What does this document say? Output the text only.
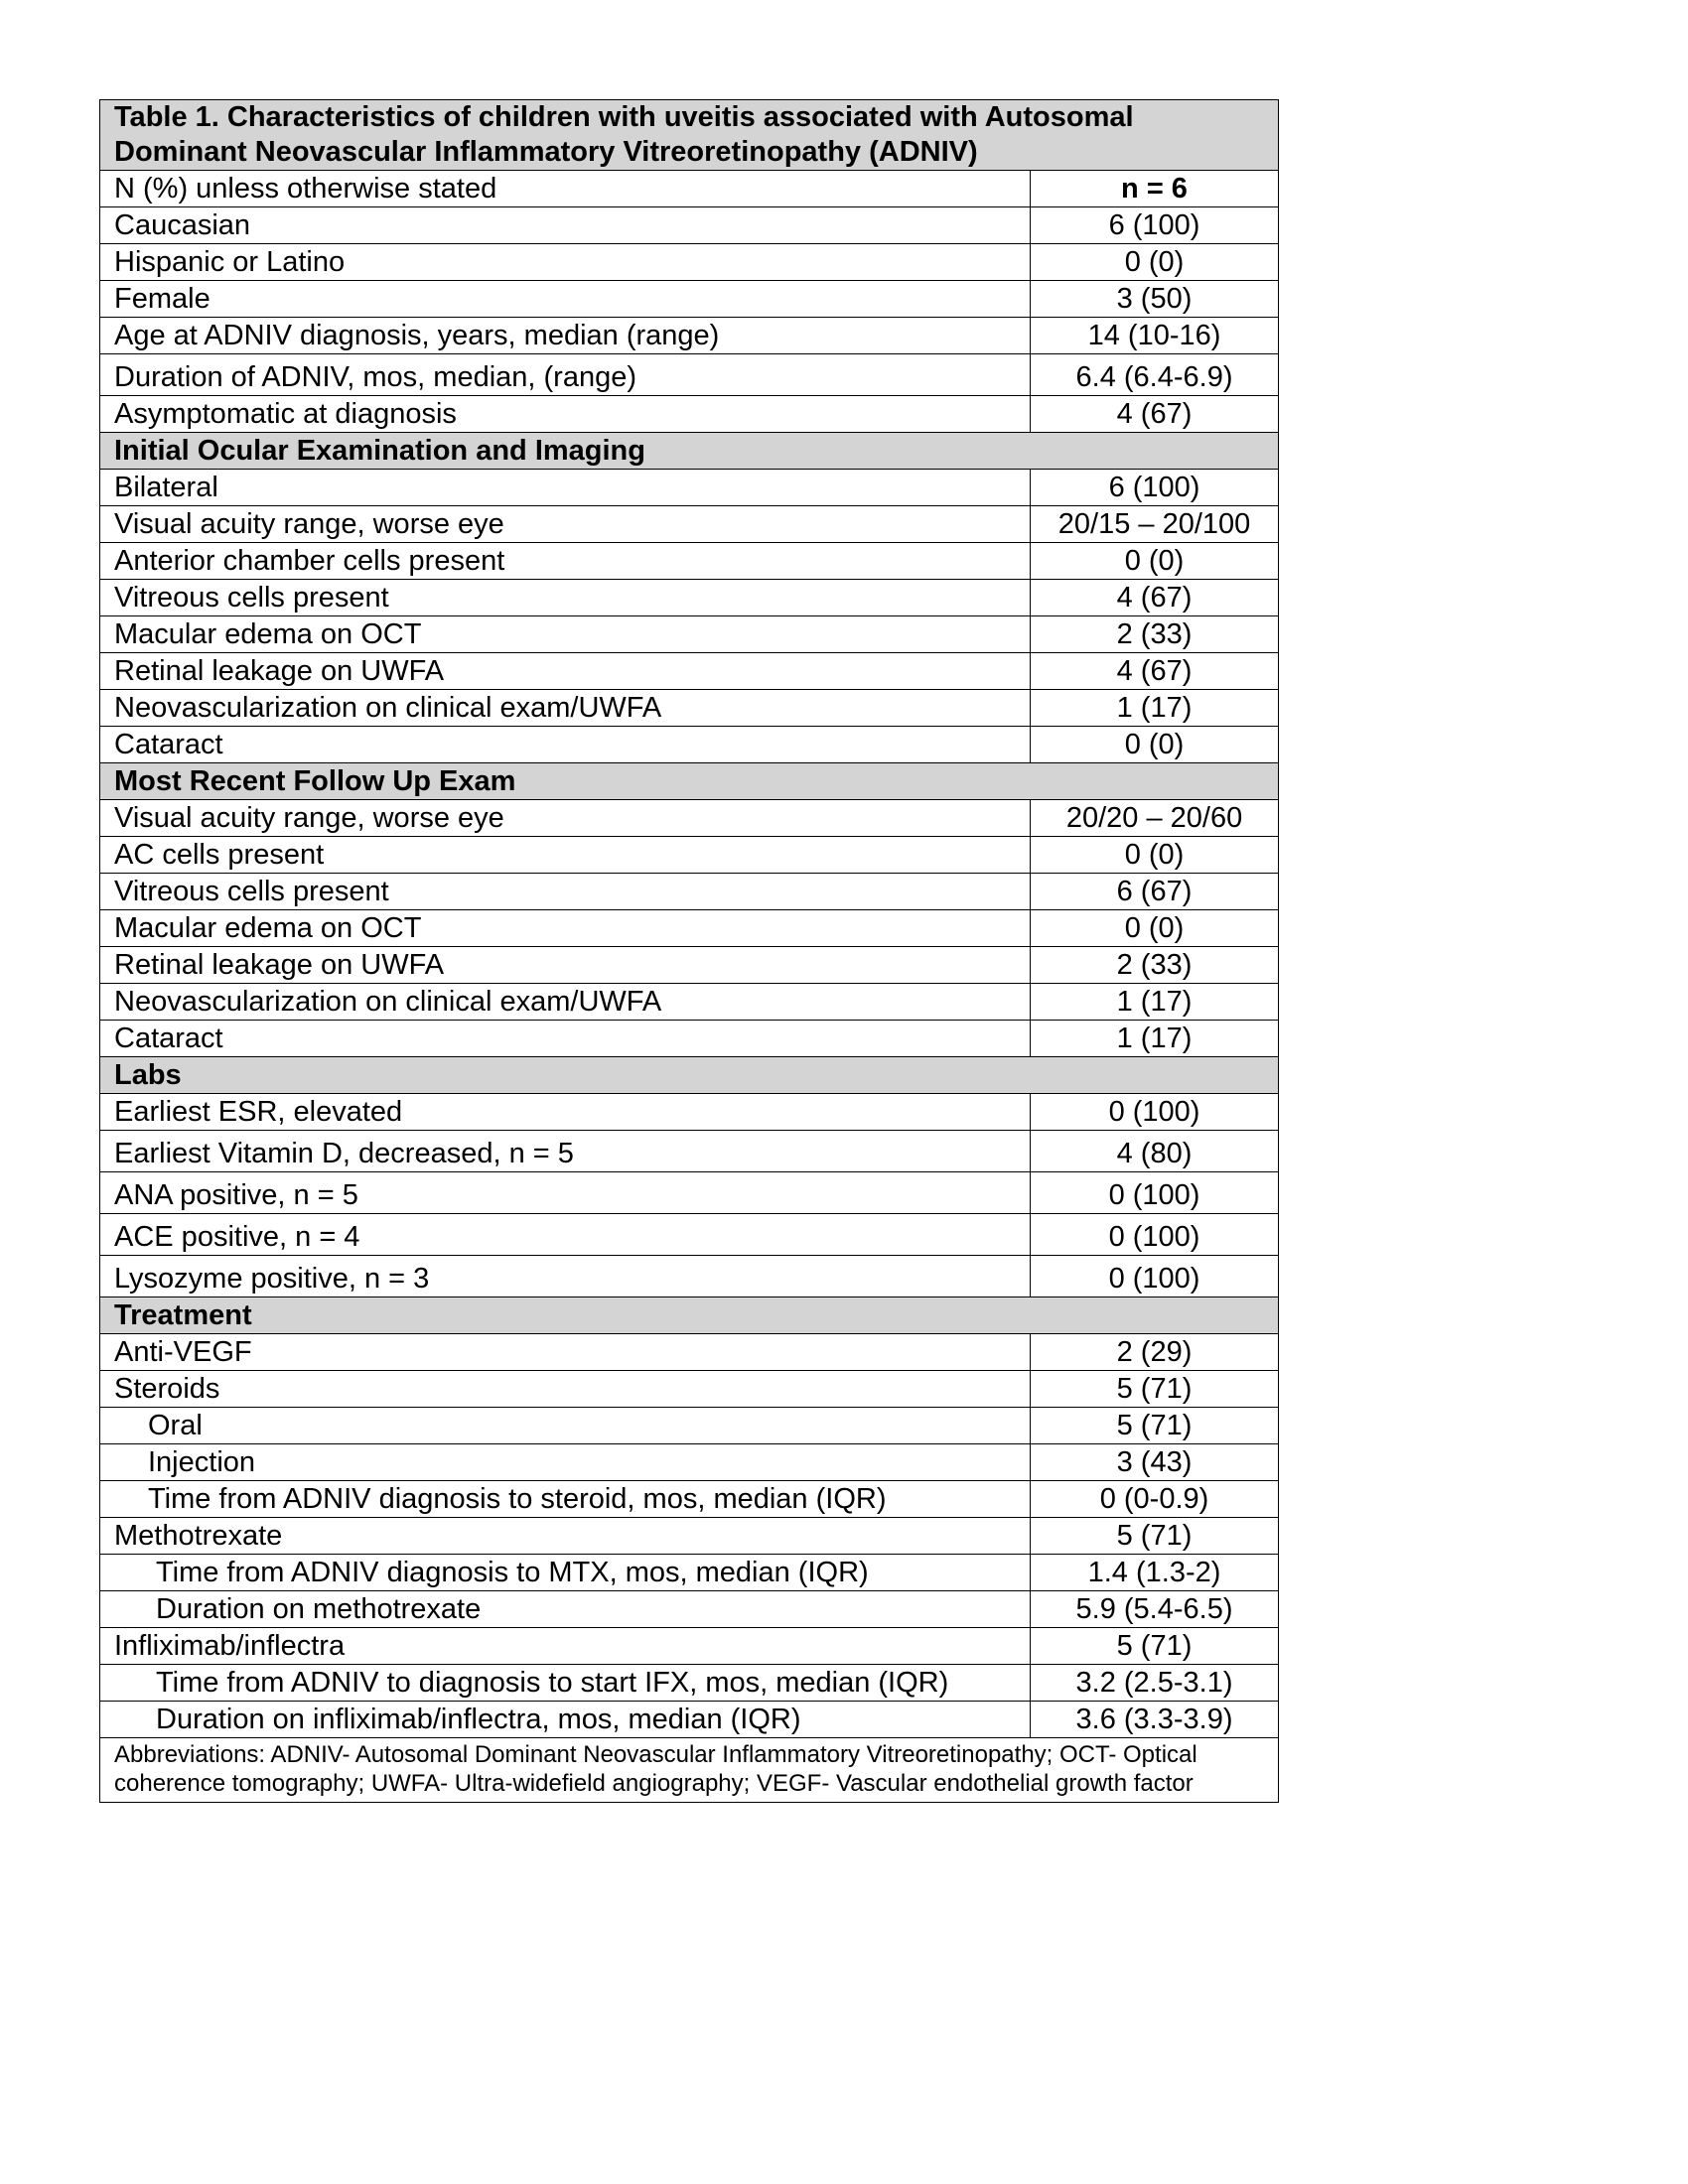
Table 1. Characteristics of children with uveitis associated with Autosomal Dominant Neovascular Inflammatory Vitreoretinopathy (ADNIV)	
N (%) unless otherwise stated	n = 6
Caucasian	6 (100)
Hispanic or Latino	0 (0)
Female	3 (50)
Age at ADNIV diagnosis, years, median (range)	14 (10-16)
Duration of ADNIV, mos, median, (range)	6.4 (6.4-6.9)
Asymptomatic at diagnosis	4 (67)
Initial Ocular Examination and Imaging	
Bilateral	6 (100)
Visual acuity range, worse eye	20/15 – 20/100
Anterior chamber cells present	0 (0)
Vitreous cells present	4 (67)
Macular edema on OCT	2 (33)
Retinal leakage on UWFA	4 (67)
Neovascularization on clinical exam/UWFA	1 (17)
Cataract	0 (0)
Most Recent Follow Up Exam	
Visual acuity range, worse eye	20/20 – 20/60
AC cells present	0 (0)
Vitreous cells present	6 (67)
Macular edema on OCT	0 (0)
Retinal leakage on UWFA	2 (33)
Neovascularization on clinical exam/UWFA	1 (17)
Cataract	1 (17)
Labs	
Earliest ESR, elevated	0 (100)
Earliest Vitamin D, decreased, n = 5	4 (80)
ANA positive, n = 5	0 (100)
ACE positive, n = 4	0 (100)
Lysozyme positive, n = 3	0 (100)
Treatment	
Anti-VEGF	2 (29)
Steroids	5 (71)
Oral	5 (71)
Injection	3 (43)
Time from ADNIV diagnosis to steroid, mos, median (IQR)	0 (0-0.9)
Methotrexate	5 (71)
Time from ADNIV diagnosis to MTX, mos, median (IQR)	1.4 (1.3-2)
Duration on methotrexate	5.9 (5.4-6.5)
Infliximab/inflectra	5 (71)
Time from ADNIV to diagnosis to start IFX, mos, median (IQR)	3.2 (2.5-3.1)
Duration on infliximab/inflectra, mos, median (IQR)	3.6 (3.3-3.9)
Abbreviations: ADNIV- Autosomal Dominant Neovascular Inflammatory Vitreoretinopathy; OCT- Optical coherence tomography; UWFA- Ultra-widefield angiography; VEGF- Vascular endothelial growth factor	
